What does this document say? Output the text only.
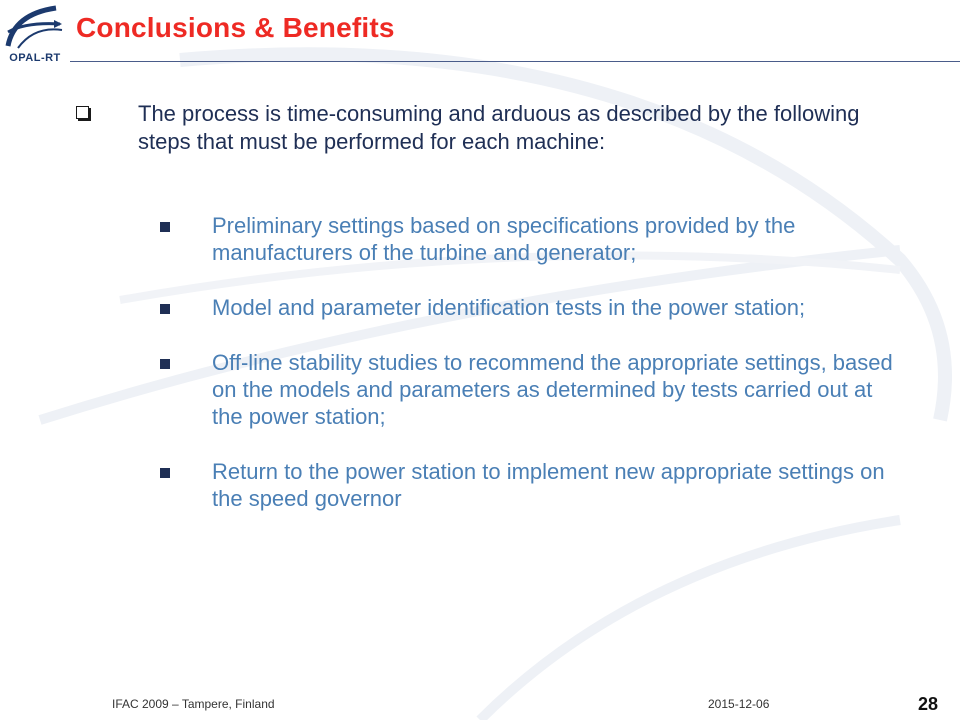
OPAL-RT
Conclusions & Benefits
The process is time-consuming and arduous as described by the following steps that must be performed for each machine:
Preliminary settings based on specifications provided by the manufacturers of the turbine and generator;
Model and parameter identification tests in the power station;
Off-line stability studies to recommend the appropriate settings, based on the models and parameters as determined by tests carried out at the power station;
Return to the power station to implement new appropriate settings on the speed governor
IFAC 2009 – Tampere, Finland	2015-12-06	28
